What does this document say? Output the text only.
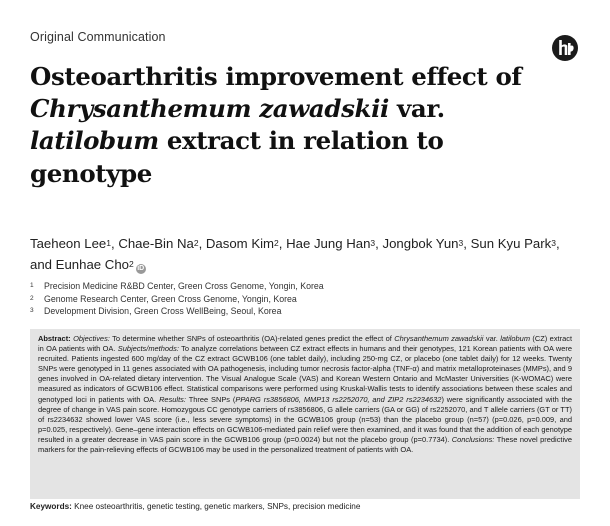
Original Communication
Osteoarthritis improvement effect of Chrysanthemum zawadskii var. latilobum extract in relation to genotype
Taeheon Lee$^1$, Chae-Bin Na$^2$, Dasom Kim$^2$, Hae Jung Han$^3$, Jongbok Yun$^3$, Sun Kyu Park$^3$,
and Eunhae Cho$^2$ iD
1	Precision Medicine R&BD Center, Green Cross Genome, Yongin, Korea
2	Genome Research Center, Green Cross Genome, Yongin, Korea
3	Development Division, Green Cross WellBeing, Seoul, Korea
Abstract: Objectives: To determine whether SNPs of osteoarthritis (OA)-related genes predict the effect of Chrysanthemum zawadskii var. latilobum (CZ) extract in OA patients with OA. Subjects/methods: To analyze correlations between CZ extract effects in humans and their genotypes, 121 Korean patients with OA were recruited. Patients ingested 600 mg/day of the CZ extract GCWB106 (one tablet daily), including 250-mg CZ, or placebo (one tablet daily) for 12 weeks. Twenty SNPs were genotyped in 11 genes associated with OA pathogenesis, including tumor necrosis factor-alpha (TNF-α) and matrix metalloproteinases (MMPs), and 9 genes involved in OA-related dietary intervention. The Visual Analogue Scale (VAS) and Korean Western Ontario and McMaster Universities (K-WOMAC) were measured as indicators of GCWB106 effect. Statistical comparisons were performed using Kruskal-Wallis tests to identify associations between these scales and genotyped loci in patients with OA. Results: Three SNPs (PPARG rs3856806, MMP13 rs2252070, and ZIP2 rs2234632) were significantly associated with the degree of change in VAS pain score. Homozygous CC genotype carriers of rs3856806, G allele carriers (GA or GG) of rs2252070, and T allele carriers (GT or TT) of rs2234632 showed lower VAS score (i.e., less severe symptoms) in the GCWB106 group (n=53) than the placebo group (n=57) (p=0.026, p=0.009, and p=0.025, respectively). Gene–gene interaction effects on GCWB106-mediated pain relief were then examined, and it was found that the addition of each genotype resulted in a greater decrease in VAS pain score in the GCWB106 group (p=0.0024) but not the placebo group (p=0.7734). Conclusions: These novel predictive markers for the pain-relieving effects of GCWB106 may be used in the personalized treatment of patients with OA.
Keywords: Knee osteoarthritis, genetic testing, genetic markers, SNPs, precision medicine
